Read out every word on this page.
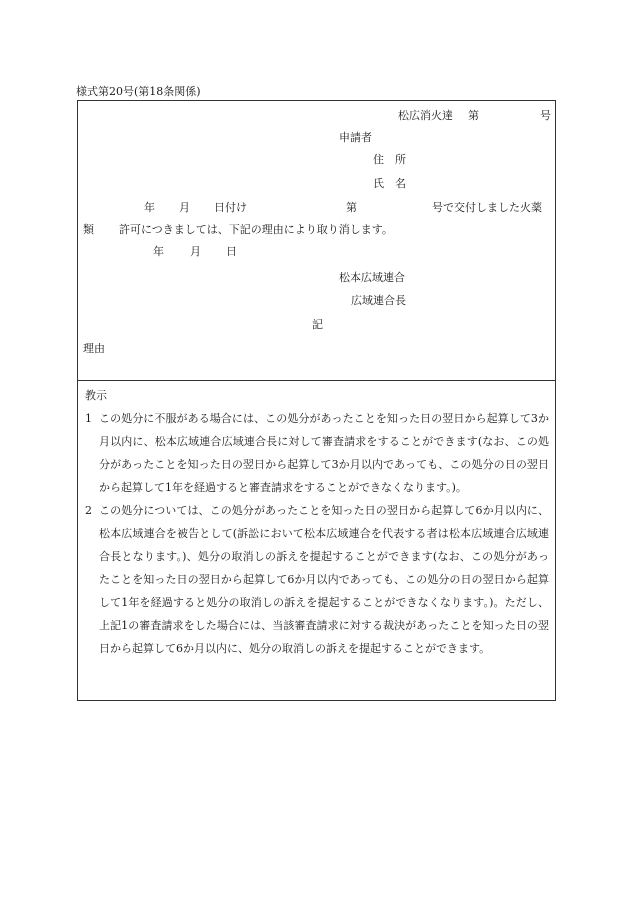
様式第20号(第18条関係)
松広消火達 第	号
申請者
住　所
氏　名
年 月 日付け	第	号で交付しました火薬
類 許可につきましては、下記の理由により取り消します。
年 月 日
松本広域連合
広域連合長
記
理由
教示
1 この処分に不服がある場合には、この処分があったことを知った日の翌日から起算して3か月以内に、松本広域連合広域連合長に対して審査請求をすることができます(なお、この処分があったことを知った日の翌日から起算して3か月以内であっても、この処分の日の翌日から起算して1年を経過すると審査請求をすることができなくなります。)。
2 この処分については、この処分があったことを知った日の翌日から起算して6か月以内に、松本広域連合を被告として(訴訟において松本広域連合を代表する者は松本広域連合広域連合長となります。)、処分の取消しの訴えを提起することができます(なお、この処分があったことを知った日の翌日から起算して6か月以内であっても、この処分の日の翌日から起算して1年を経過すると処分の取消しの訴えを提起することができなくなります。)。ただし、上記1の審査請求をした場合には、当該審査請求に対する裁決があったことを知った日の翌日から起算して6か月以内に、処分の取消しの訴えを提起することができます。
